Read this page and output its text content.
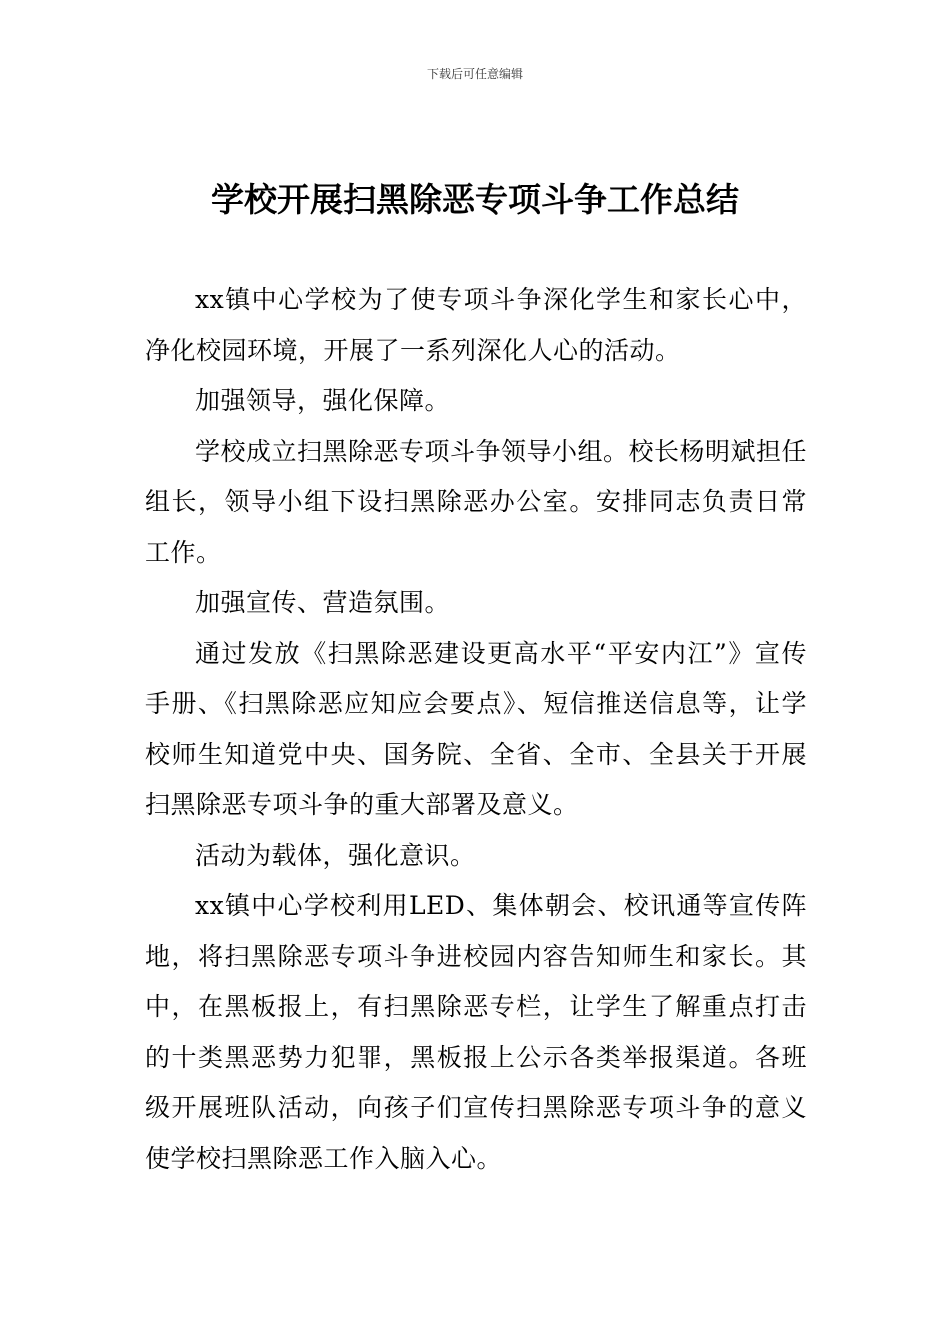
下载后可任意编辑
学校开展扫黑除恶专项斗争工作总结

xx镇中心学校为了使专项斗争深化学生和家长心中，净化校园环境，开展了一系列深化人心的活动。

加强领导，强化保障。

学校成立扫黑除恶专项斗争领导小组。校长杨明斌担任组长，领导小组下设扫黑除恶办公室。安排同志负责日常工作。

加强宣传、营造氛围。

通过发放《扫黑除恶建设更高水平“平安内江”》宣传手册、《扫黑除恶应知应会要点》、短信推送信息等，让学校师生知道党中央、国务院、全省、全市、全县关于开展扫黑除恶专项斗争的重大部署及意义。

活动为载体，强化意识。

xx镇中心学校利用LED、集体朝会、校讯通等宣传阵地，将扫黑除恶专项斗争进校园内容告知师生和家长。其中，在黑板报上，有扫黑除恶专栏，让学生了解重点打击的十类黑恶势力犯罪，黑板报上公示各类举报渠道。各班级开展班队活动，向孩子们宣传扫黑除恶专项斗争的意义使学校扫黑除恶工作入脑入心。
